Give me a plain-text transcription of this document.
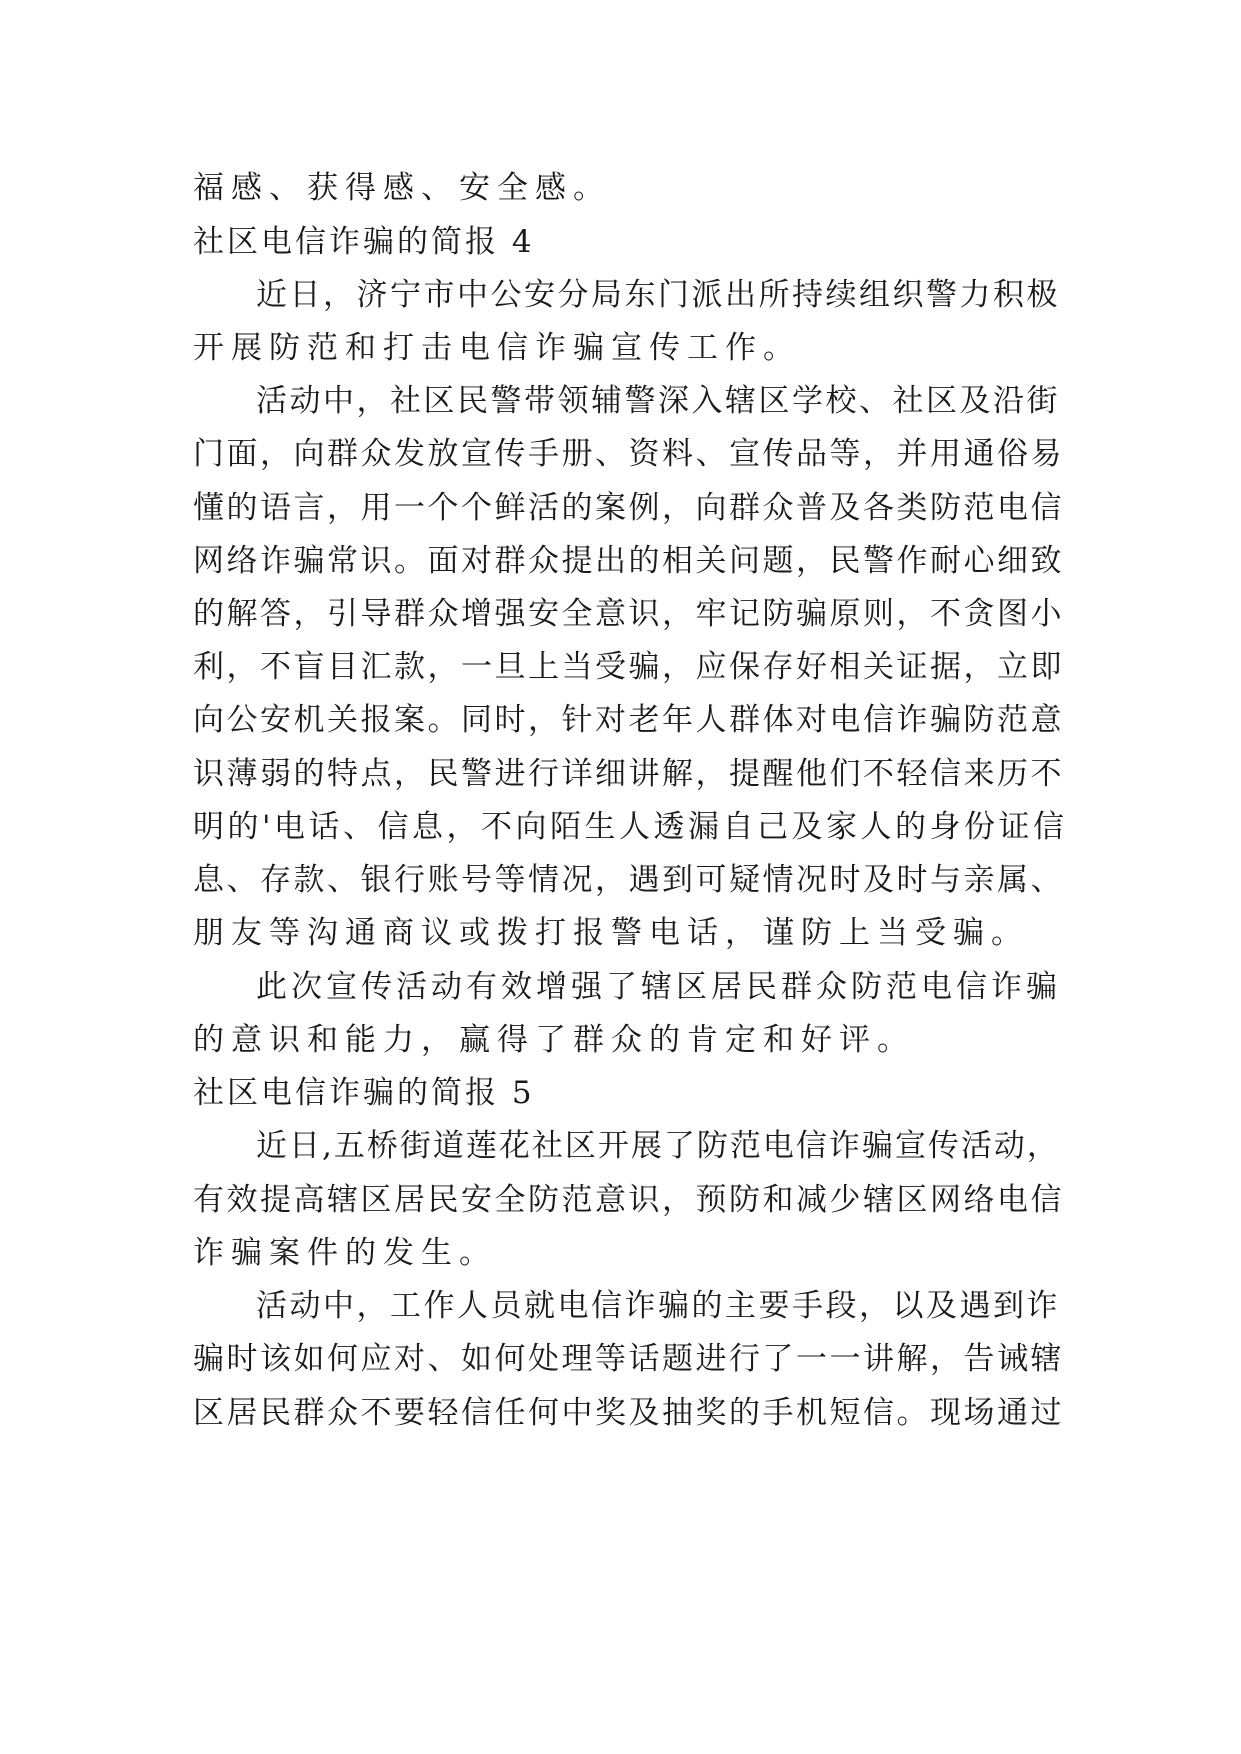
福感、获得感、安全感。
社区电信诈骗的简报 4
近日，济宁市中公安分局东门派出所持续组织警力积极
开展防范和打击电信诈骗宣传工作。
活动中，社区民警带领辅警深入辖区学校、社区及沿街
门面，向群众发放宣传手册、资料、宣传品等，并用通俗易
懂的语言，用一个个鲜活的案例，向群众普及各类防范电信
网络诈骗常识。面对群众提出的相关问题，民警作耐心细致
的解答，引导群众增强安全意识，牢记防骗原则，不贪图小
利，不盲目汇款，一旦上当受骗，应保存好相关证据，立即
向公安机关报案。同时，针对老年人群体对电信诈骗防范意
识薄弱的特点，民警进行详细讲解，提醒他们不轻信来历不
明的'电话、信息，不向陌生人透漏自己及家人的身份证信
息、存款、银行账号等情况，遇到可疑情况时及时与亲属、
朋友等沟通商议或拨打报警电话，谨防上当受骗。
此次宣传活动有效增强了辖区居民群众防范电信诈骗
的意识和能力，赢得了群众的肯定和好评。
社区电信诈骗的简报 5
近日,五桥街道莲花社区开展了防范电信诈骗宣传活动，
有效提高辖区居民安全防范意识，预防和减少辖区网络电信
诈骗案件的发生。
活动中，工作人员就电信诈骗的主要手段，以及遇到诈
骗时该如何应对、如何处理等话题进行了一一讲解，告诫辖
区居民群众不要轻信任何中奖及抽奖的手机短信。现场通过
